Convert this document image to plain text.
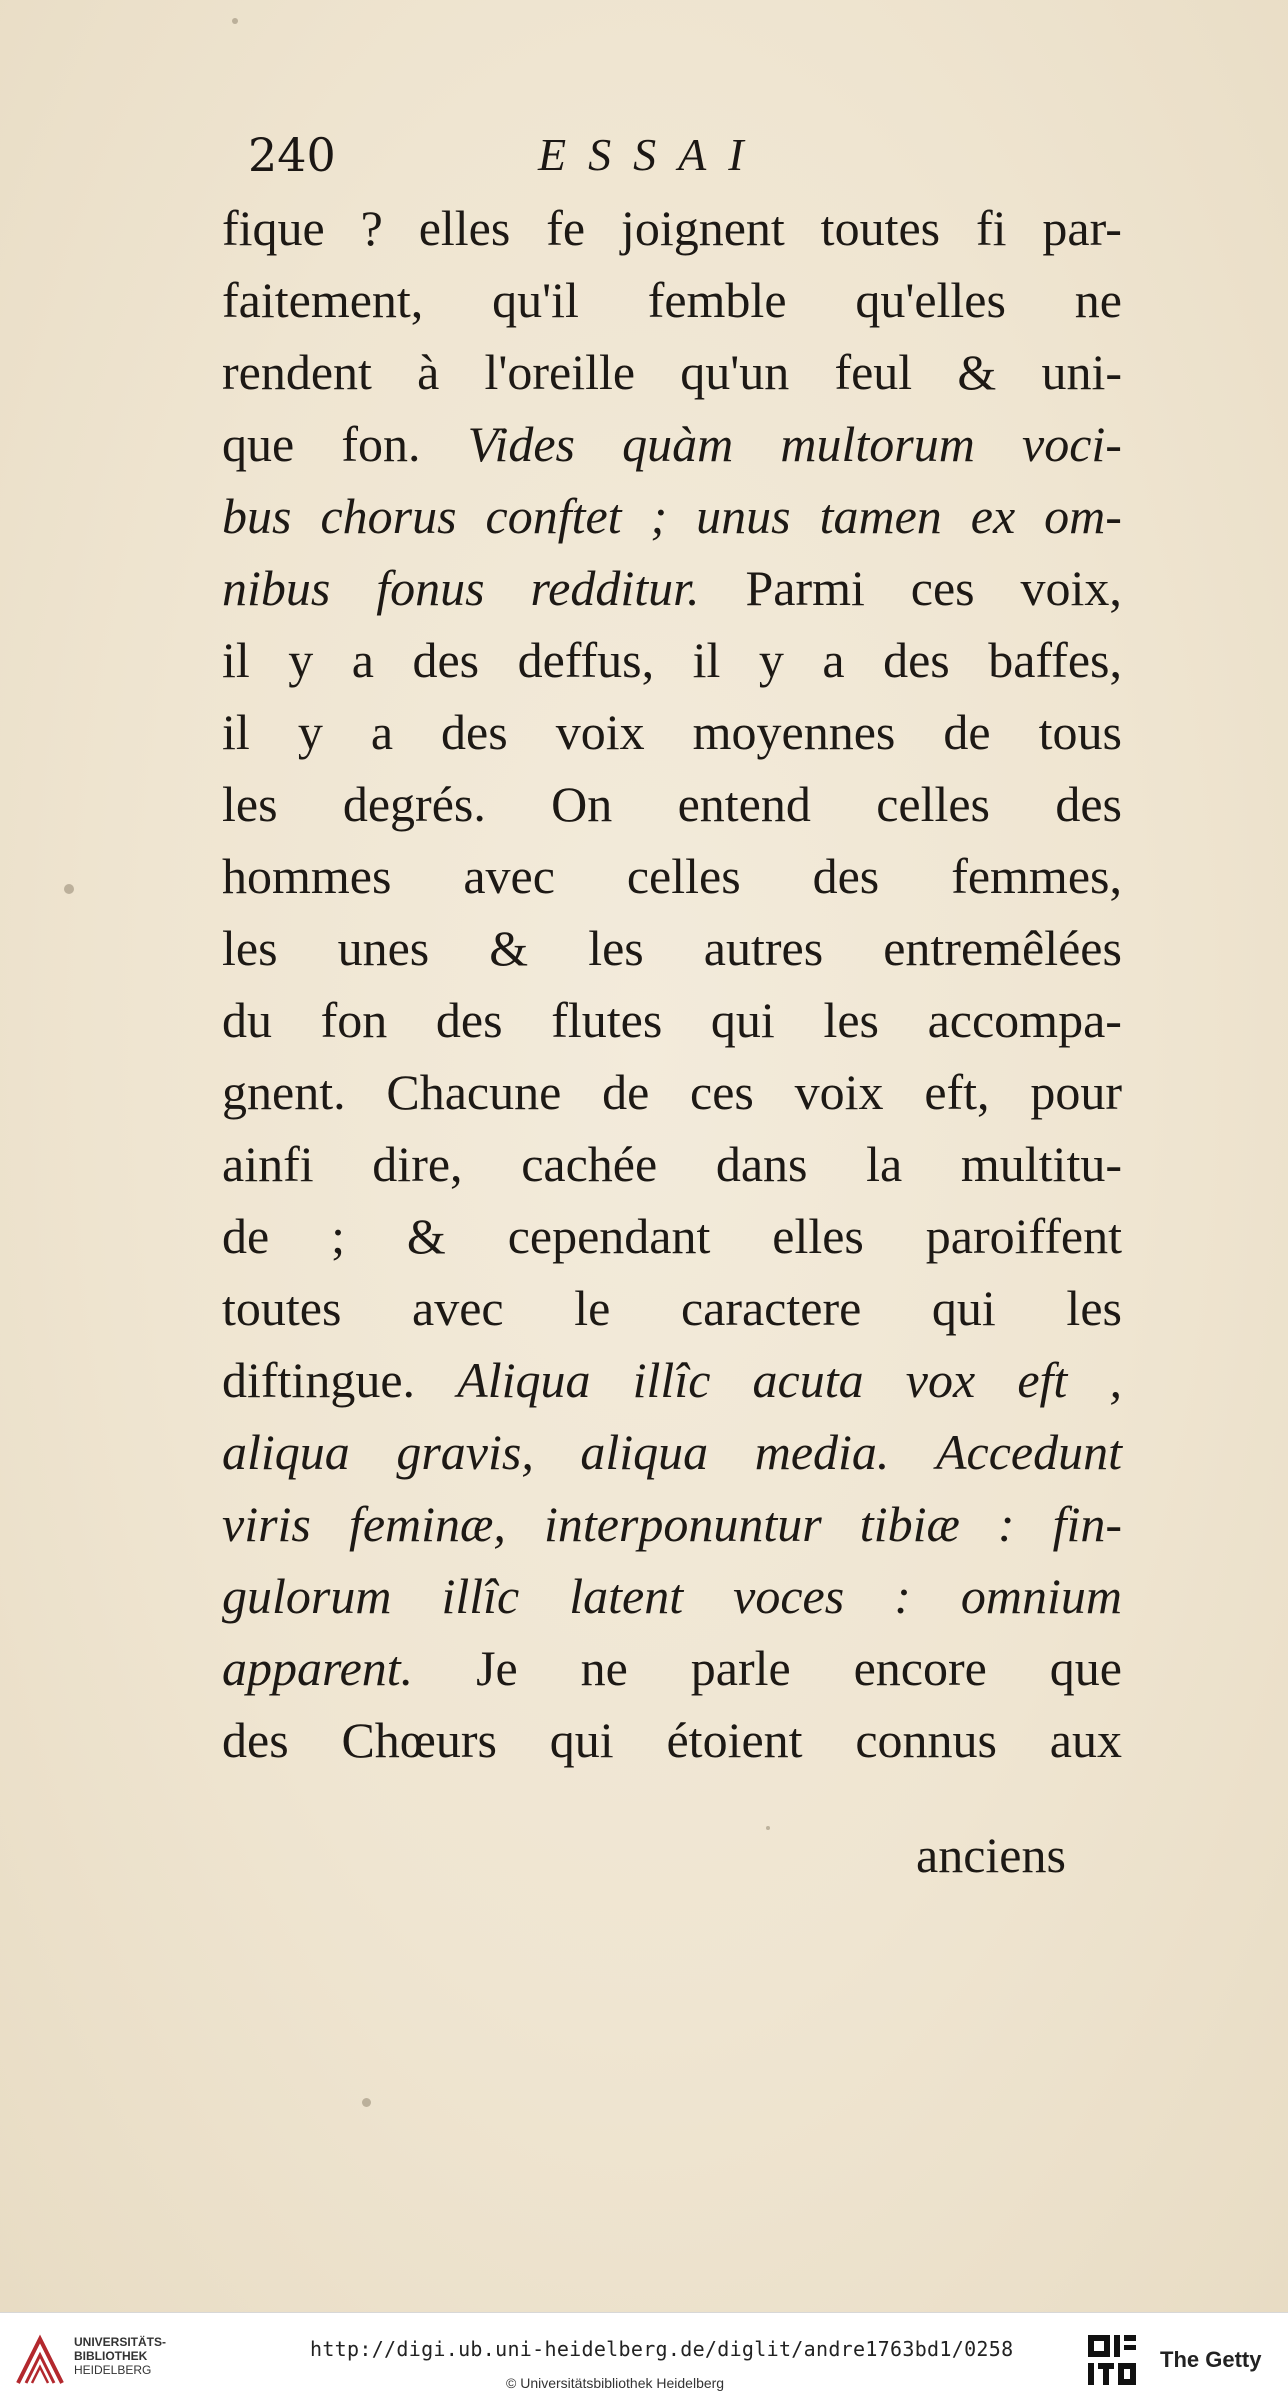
240	ESSAI
fique ? elles fe joignent toutes fi par-
faitement, qu'il femble qu'elles ne
rendent à l'oreille qu'un feul & uni-
que fon. Vides quàm multorum voci-
bus chorus conftet ; unus tamen ex om-
nibus fonus redditur. Parmi ces voix,
il y a des deffus, il y a des baffes,
il y a des voix moyennes de tous
les degrés. On entend celles des
hommes avec celles des femmes,
les unes & les autres entremêlées
du fon des flutes qui les accompa-
gnent. Chacune de ces voix eft, pour
ainfi dire, cachée dans la multitu-
de ; & cependant elles paroiffent
toutes avec le caractere qui les
diftingue. Aliqua illîc acuta vox eft ,
aliqua gravis, aliqua media. Accedunt
viris feminæ, interponuntur tibiæ : fin-
gulorum illîc latent voces : omnium
apparent. Je ne parle encore que
des Chœurs qui étoient connus aux
anciens
UNIVERSITÄTS-
BIBLIOTHEK
HEIDELBERG
http://digi.ub.uni-heidelberg.de/diglit/andre1763bd1/0258
© Universitätsbibliothek Heidelberg
The Getty
